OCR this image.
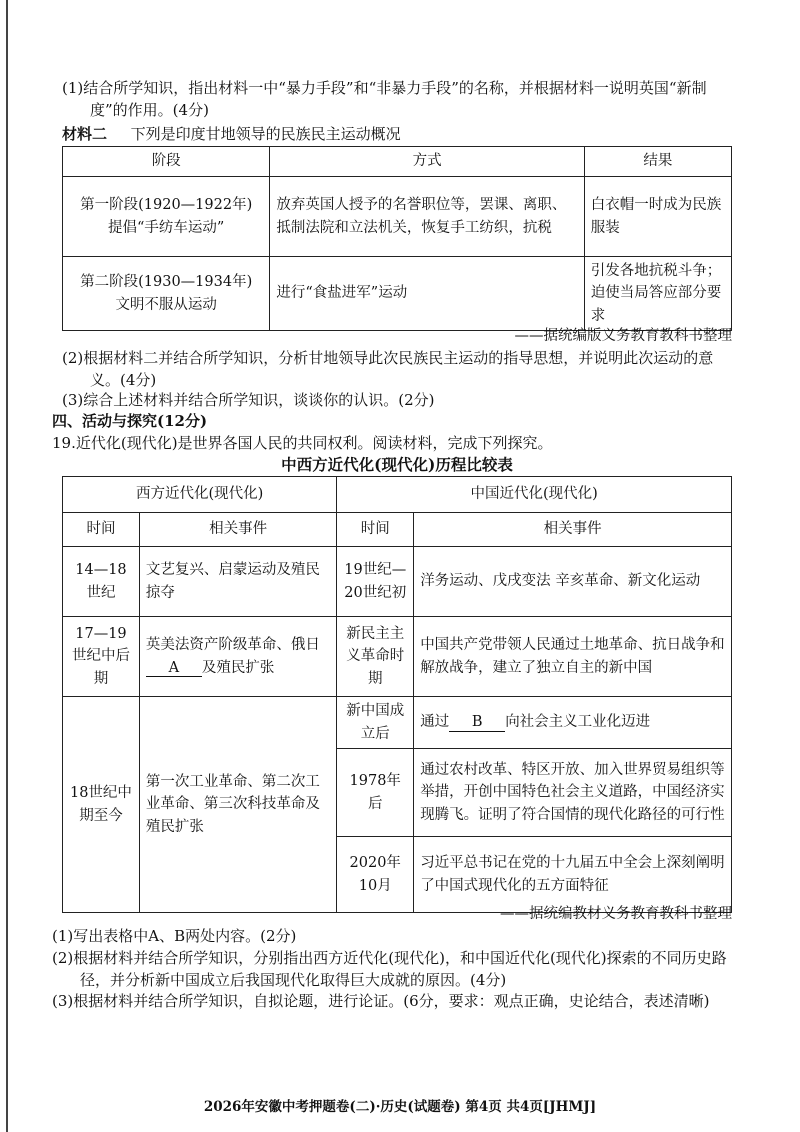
(1)结合所学知识，指出材料一中“暴力手段”和“非暴力手段”的名称，并根据材料一说明英国“新制度”的作用。(4分)

材料二 下列是印度甘地领导的民族民主运动概况
阶段	方式	结果

第一阶段(1920—1922年)
提倡“手纺车运动”	放弃英国人授予的名誉职位等，罢课、离职、抵制法院和立法机关，恢复手工纺织，抗税	白衣帽一时成为民族服装

第二阶段(1930—1934年)
文明不服从运动	进行“食盐进军”运动	引发各地抗税斗争；迫使当局答应部分要求
——据统编版义务教育教科书整理

(2)根据材料二并结合所学知识，分析甘地领导此次民族民主运动的指导思想，并说明此次运动的意义。(4分)

(3)综合上述材料并结合所学知识，谈谈你的认识。(2分)

四、活动与探究(12分)
19.近代化(现代化)是世界各国人民的共同权利。阅读材料，完成下列探究。
中西方近代化(现代化)历程比较表
西方近代化(现代化)		中国近代化(现代化)	
时间	相关事件	时间	相关事件
14—18世纪	文艺复兴、启蒙运动及殖民掠夺	19世纪—20世纪初	洋务运动、戊戌变法 辛亥革命、新文化运动
17—19世纪中后期	英美法资产阶级革命、俄日A 及殖民扩张	新民主主义革命时期	中国共产党带领人民通过土地革命、抗日战争和解放战争，建立了独立自主的新中国
18世纪中期至今	第一次工业革命、第二次工业革命、第三次科技革命及殖民扩张	新中国成立后	通过 B 向社会主义工业化迈进
		1978年后	通过农村改革、特区开放、加入世界贸易组织等举措，开创中国特色社会主义道路，中国经济实现腾飞。证明了符合国情的现代化路径的可行性
		2020年10月	习近平总书记在党的十九届五中全会上深刻阐明了中国式现代化的五方面特征
——据统编教材义务教育教科书整理

(1)写出表格中A、B两处内容。(2分)

(2)根据材料并结合所学知识，分别指出西方近代化(现代化)，和中国近代化(现代化)探索的不同历史路径，并分析新中国成立后我国现代化取得巨大成就的原因。(4分)

(3)根据材料并结合所学知识，自拟论题，进行论证。(6分，要求：观点正确，史论结合，表述清晰)

2026年安徽中考押题卷(二)·历史(试题卷) 第4页 共4页[JHMJ]
